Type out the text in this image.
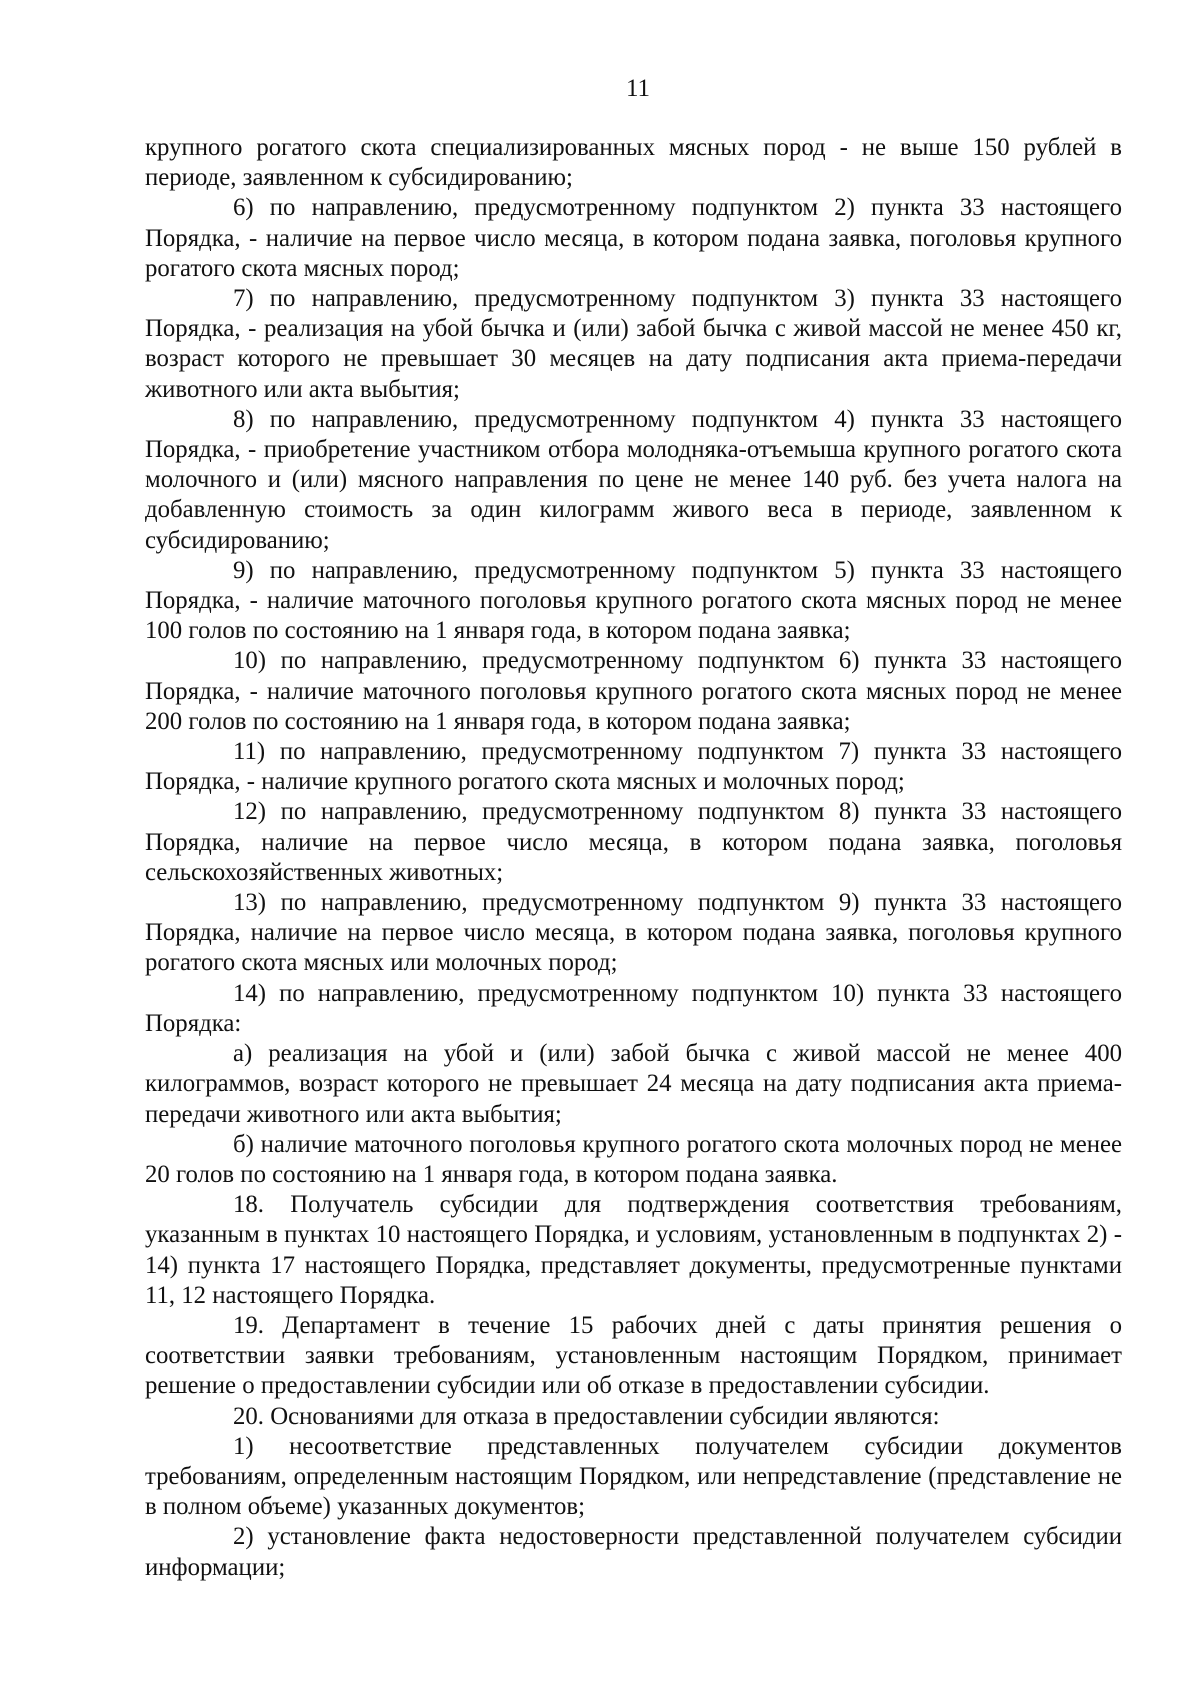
11

крупного рогатого скота специализированных мясных пород - не выше 150 рублей в периоде, заявленном к субсидированию;

6) по направлению, предусмотренному подпунктом 2) пункта 33 настоящего Порядка, - наличие на первое число месяца, в котором подана заявка, поголовья крупного рогатого скота мясных пород;

7) по направлению, предусмотренному подпунктом 3) пункта 33 настоящего Порядка, - реализация на убой бычка и (или) забой бычка с живой массой не менее 450 кг, возраст которого не превышает 30 месяцев на дату подписания акта приема-передачи животного или акта выбытия;

8) по направлению, предусмотренному подпунктом 4) пункта 33 настоящего Порядка, - приобретение участником отбора молодняка-отъемыша крупного рогатого скота молочного и (или) мясного направления по цене не менее 140 руб. без учета налога на добавленную стоимость за один килограмм живого веса в периоде, заявленном к субсидированию;

9) по направлению, предусмотренному подпунктом 5) пункта 33 настоящего Порядка, - наличие маточного поголовья крупного рогатого скота мясных пород не менее 100 голов по состоянию на 1 января года, в котором подана заявка;

10) по направлению, предусмотренному подпунктом 6) пункта 33 настоящего Порядка, - наличие маточного поголовья крупного рогатого скота мясных пород не менее 200 голов по состоянию на 1 января года, в котором подана заявка;

11) по направлению, предусмотренному подпунктом 7) пункта 33 настоящего Порядка, - наличие крупного рогатого скота мясных и молочных пород;

12) по направлению, предусмотренному подпунктом 8) пункта 33 настоящего Порядка, наличие на первое число месяца, в котором подана заявка, поголовья сельскохозяйственных животных;

13) по направлению, предусмотренному подпунктом 9) пункта 33 настоящего Порядка, наличие на первое число месяца, в котором подана заявка, поголовья крупного рогатого скота мясных или молочных пород;

14) по направлению, предусмотренному подпунктом 10) пункта 33 настоящего Порядка:

а) реализация на убой и (или) забой бычка с живой массой не менее 400 килограммов, возраст которого не превышает 24 месяца на дату подписания акта приема-передачи животного или акта выбытия;

б) наличие маточного поголовья крупного рогатого скота молочных пород не менее 20 голов по состоянию на 1 января года, в котором подана заявка.

18. Получатель субсидии для подтверждения соответствия требованиям, указанным в пунктах 10 настоящего Порядка, и условиям, установленным в подпунктах 2) - 14) пункта 17 настоящего Порядка, представляет документы, предусмотренные пунктами 11, 12 настоящего Порядка.

19. Департамент в течение 15 рабочих дней с даты принятия решения о соответствии заявки требованиям, установленным настоящим Порядком, принимает решение о предоставлении субсидии или об отказе в предоставлении субсидии.

20. Основаниями для отказа в предоставлении субсидии являются:

1) несоответствие представленных получателем субсидии документов требованиям, определенным настоящим Порядком, или непредставление (представление не в полном объеме) указанных документов;

2) установление факта недостоверности представленной получателем субсидии информации;
